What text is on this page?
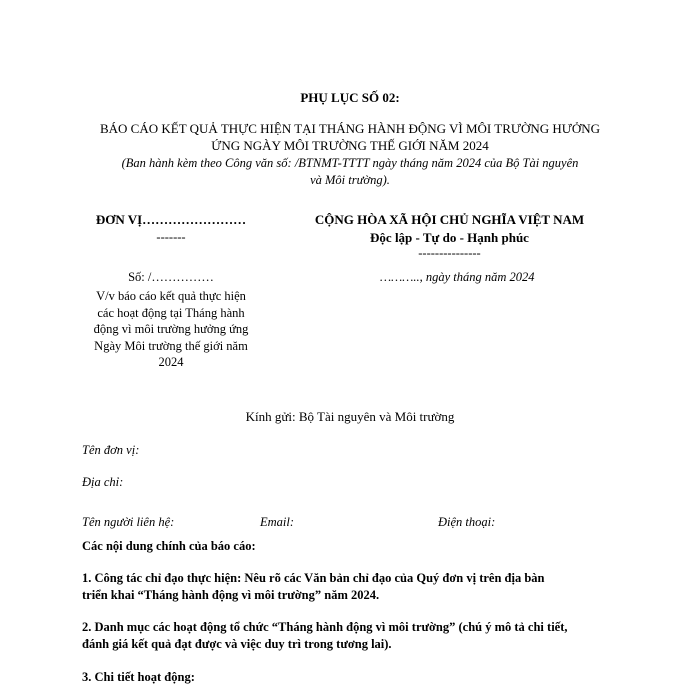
PHỤ LỤC SỐ 02:
BÁO CÁO KẾT QUẢ THỰC HIỆN TẠI THÁNG HÀNH ĐỘNG VÌ MÔI TRƯỜNG HƯỞNG
ỨNG NGÀY MÔI TRƯỜNG THẾ GIỚI NĂM 2024
(Ban hành kèm theo Công văn số: /BTNMT-TTTT ngày tháng năm 2024 của Bộ Tài nguyên
và Môi trường).
ĐƠN VỊ……………………
-------
Số: /……………
V/v báo cáo kết quả thực hiện
các hoạt động tại Tháng hành
động vì môi trường hưởng ứng
Ngày Môi trường thế giới năm
2024
CỘNG HÒA XÃ HỘI CHỦ NGHĨA VIỆT NAM
Độc lập - Tự do - Hạnh phúc
---------------
……….., ngày tháng năm 2024
Kính gửi: Bộ Tài nguyên và Môi trường
Tên đơn vị:
Địa chỉ:
Tên người liên hệ:	Email:	Điện thoại:
Các nội dung chính của báo cáo:
1. Công tác chỉ đạo thực hiện: Nêu rõ các Văn bản chỉ đạo của Quý đơn vị trên địa bàn
triển khai “Tháng hành động vì môi trường” năm 2024.
2. Danh mục các hoạt động tổ chức “Tháng hành động vì môi trường” (chú ý mô tả chi tiết,
đánh giá kết quả đạt được và việc duy trì trong tương lai).
3. Chi tiết hoạt động:
